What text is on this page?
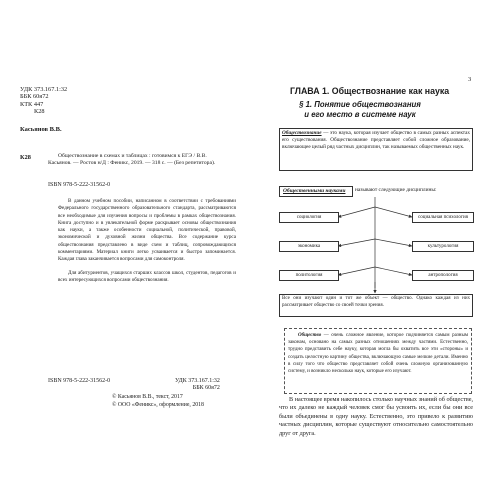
УДК 373.167.1:32
ББК 60я72
КТК 447
К28
Касьянов В.В.
К28	Обществознание в схемах и таблицах : готовимся к ЕГЭ / В.В. Касьянов. — Ростов н/Д : Феникс, 2019. — 318 с. — (Без репетитора).
ISBN 978-5-222-31562-0
В данном учебном пособии, написанном в соответствии с требованиями Федерального государственного образовательного стандарта, рассматриваются все необходимые для изучения вопросы и проблемы в рамках обществознания. Книга доступно и в увлекательной форме раскрывает основы обществознания как науки, а также особенности социальной, политической, правовой, экономической и духовной жизни общества. Все содержание курса обществознания представлено в виде схем и таблиц, сопровождающихся комментариями. Материал книги легко усваивается и быстро запоминается. Каждая глава заканчивается вопросами для самоконтроля.
Для абитуриентов, учащихся старших классов школ, студентов, педагогов и всех интересующихся вопросами обществознания.
ISBN 978-5-222-31562-0	УДК 373.167.1:32
ББК 60я72
© Касьянов В.В., текст, 2017
© ООО «Феникс», оформление, 2018
3
ГЛАВА 1. Обществознание как наука
§ 1. Понятие обществознания
и его место в системе наук
Обществознание — это наука, которая изучает общество в самых разных аспектах его существования. Обществознание представляет собой сложное образование, включающее целый ряд частных дисциплин, так называемых общественных наук.
Общественными науками называют следующие дисциплины:
социология	социальная психология
экономика	культурология
политология	антропология
Все они изучают один и тот же объект — общество. Однако каждая из них рассматривает общество со своей точки зрения.
Общество — очень сложное явление, которое подчиняется самым разным законам, основано на самых разных отношениях между частями. Естественно, трудно представить себе науку, которая могла бы охватить все эти «стороны» и создать целостную картину общества, включающую самые мелкие детали. Именно в силу того что общество представляет собой очень сложную организованную систему, и возникло несколько наук, которые его изучают.
В настоящее время накопилось столько научных знаний об обществе, что их далеко не каждый человек смог бы усвоить их, если бы они все были объединены в одну науку. Естественно, это привело к развитию частных дисциплин, которые существуют относительно самостоятельно друг от друга.
